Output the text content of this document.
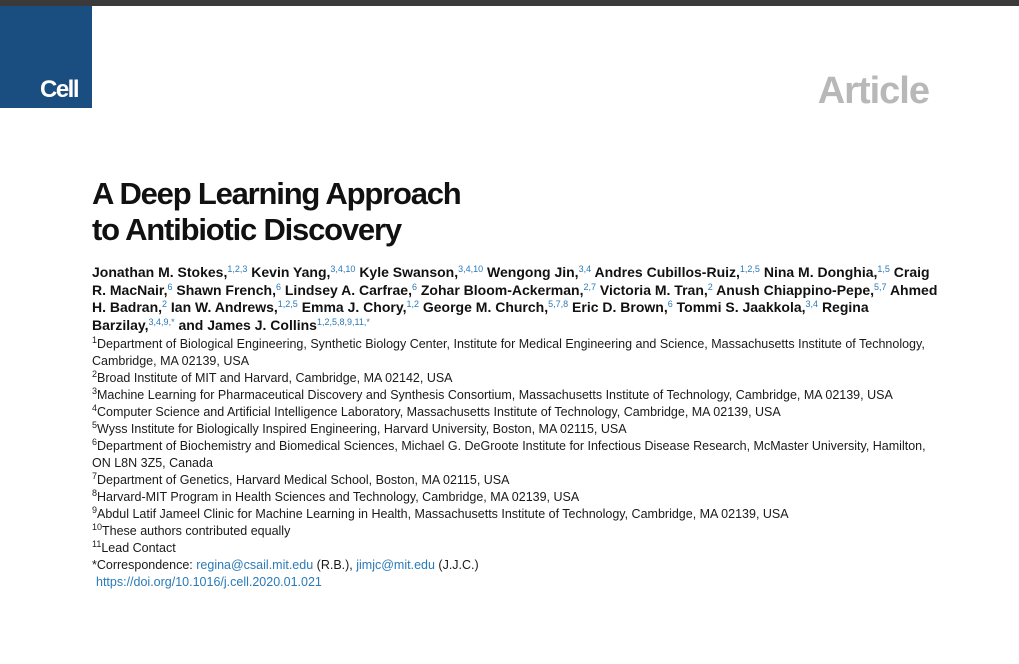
Cell	Article
A Deep Learning Approach
to Antibiotic Discovery
Jonathan M. Stokes,$^{1,2,3}$ Kevin Yang,$^{3,4,10}$ Kyle Swanson,$^{3,4,10}$ Wengong Jin,$^{3,4}$ Andres Cubillos-Ruiz,$^{1,2,5}$ Nina M. Donghia,$^{1,5}$ Craig R. MacNair,$^6$ Shawn French,$^6$ Lindsey A. Carfrae,$^6$ Zohar Bloom-Ackerman,$^{2,7}$ Victoria M. Tran,$^2$ Anush Chiappino-Pepe,$^{5,7}$ Ahmed H. Badran,$^2$ Ian W. Andrews,$^{1,2,5}$ Emma J. Chory,$^{1,2}$ George M. Church,$^{5,7,8}$ Eric D. Brown,$^6$ Tommi S. Jaakkola,$^{3,4}$ Regina Barzilay,$^{3,4,9,*}$ and James J. Collins$^{1,2,5,8,9,11,*}$
$^1$Department of Biological Engineering, Synthetic Biology Center, Institute for Medical Engineering and Science, Massachusetts Institute of Technology, Cambridge, MA 02139, USA
$^2$Broad Institute of MIT and Harvard, Cambridge, MA 02142, USA
$^3$Machine Learning for Pharmaceutical Discovery and Synthesis Consortium, Massachusetts Institute of Technology, Cambridge, MA 02139, USA
$^4$Computer Science and Artificial Intelligence Laboratory, Massachusetts Institute of Technology, Cambridge, MA 02139, USA
$^5$Wyss Institute for Biologically Inspired Engineering, Harvard University, Boston, MA 02115, USA
$^6$Department of Biochemistry and Biomedical Sciences, Michael G. DeGroote Institute for Infectious Disease Research, McMaster University, Hamilton, ON L8N 3Z5, Canada
$^7$Department of Genetics, Harvard Medical School, Boston, MA 02115, USA
$^8$Harvard-MIT Program in Health Sciences and Technology, Cambridge, MA 02139, USA
$^9$Abdul Latif Jameel Clinic for Machine Learning in Health, Massachusetts Institute of Technology, Cambridge, MA 02139, USA
$^{10}$These authors contributed equally
$^{11}$Lead Contact
*Correspondence: regina@csail.mit.edu (R.B.), jimjc@mit.edu (J.J.C.)
https://doi.org/10.1016/j.cell.2020.01.021
